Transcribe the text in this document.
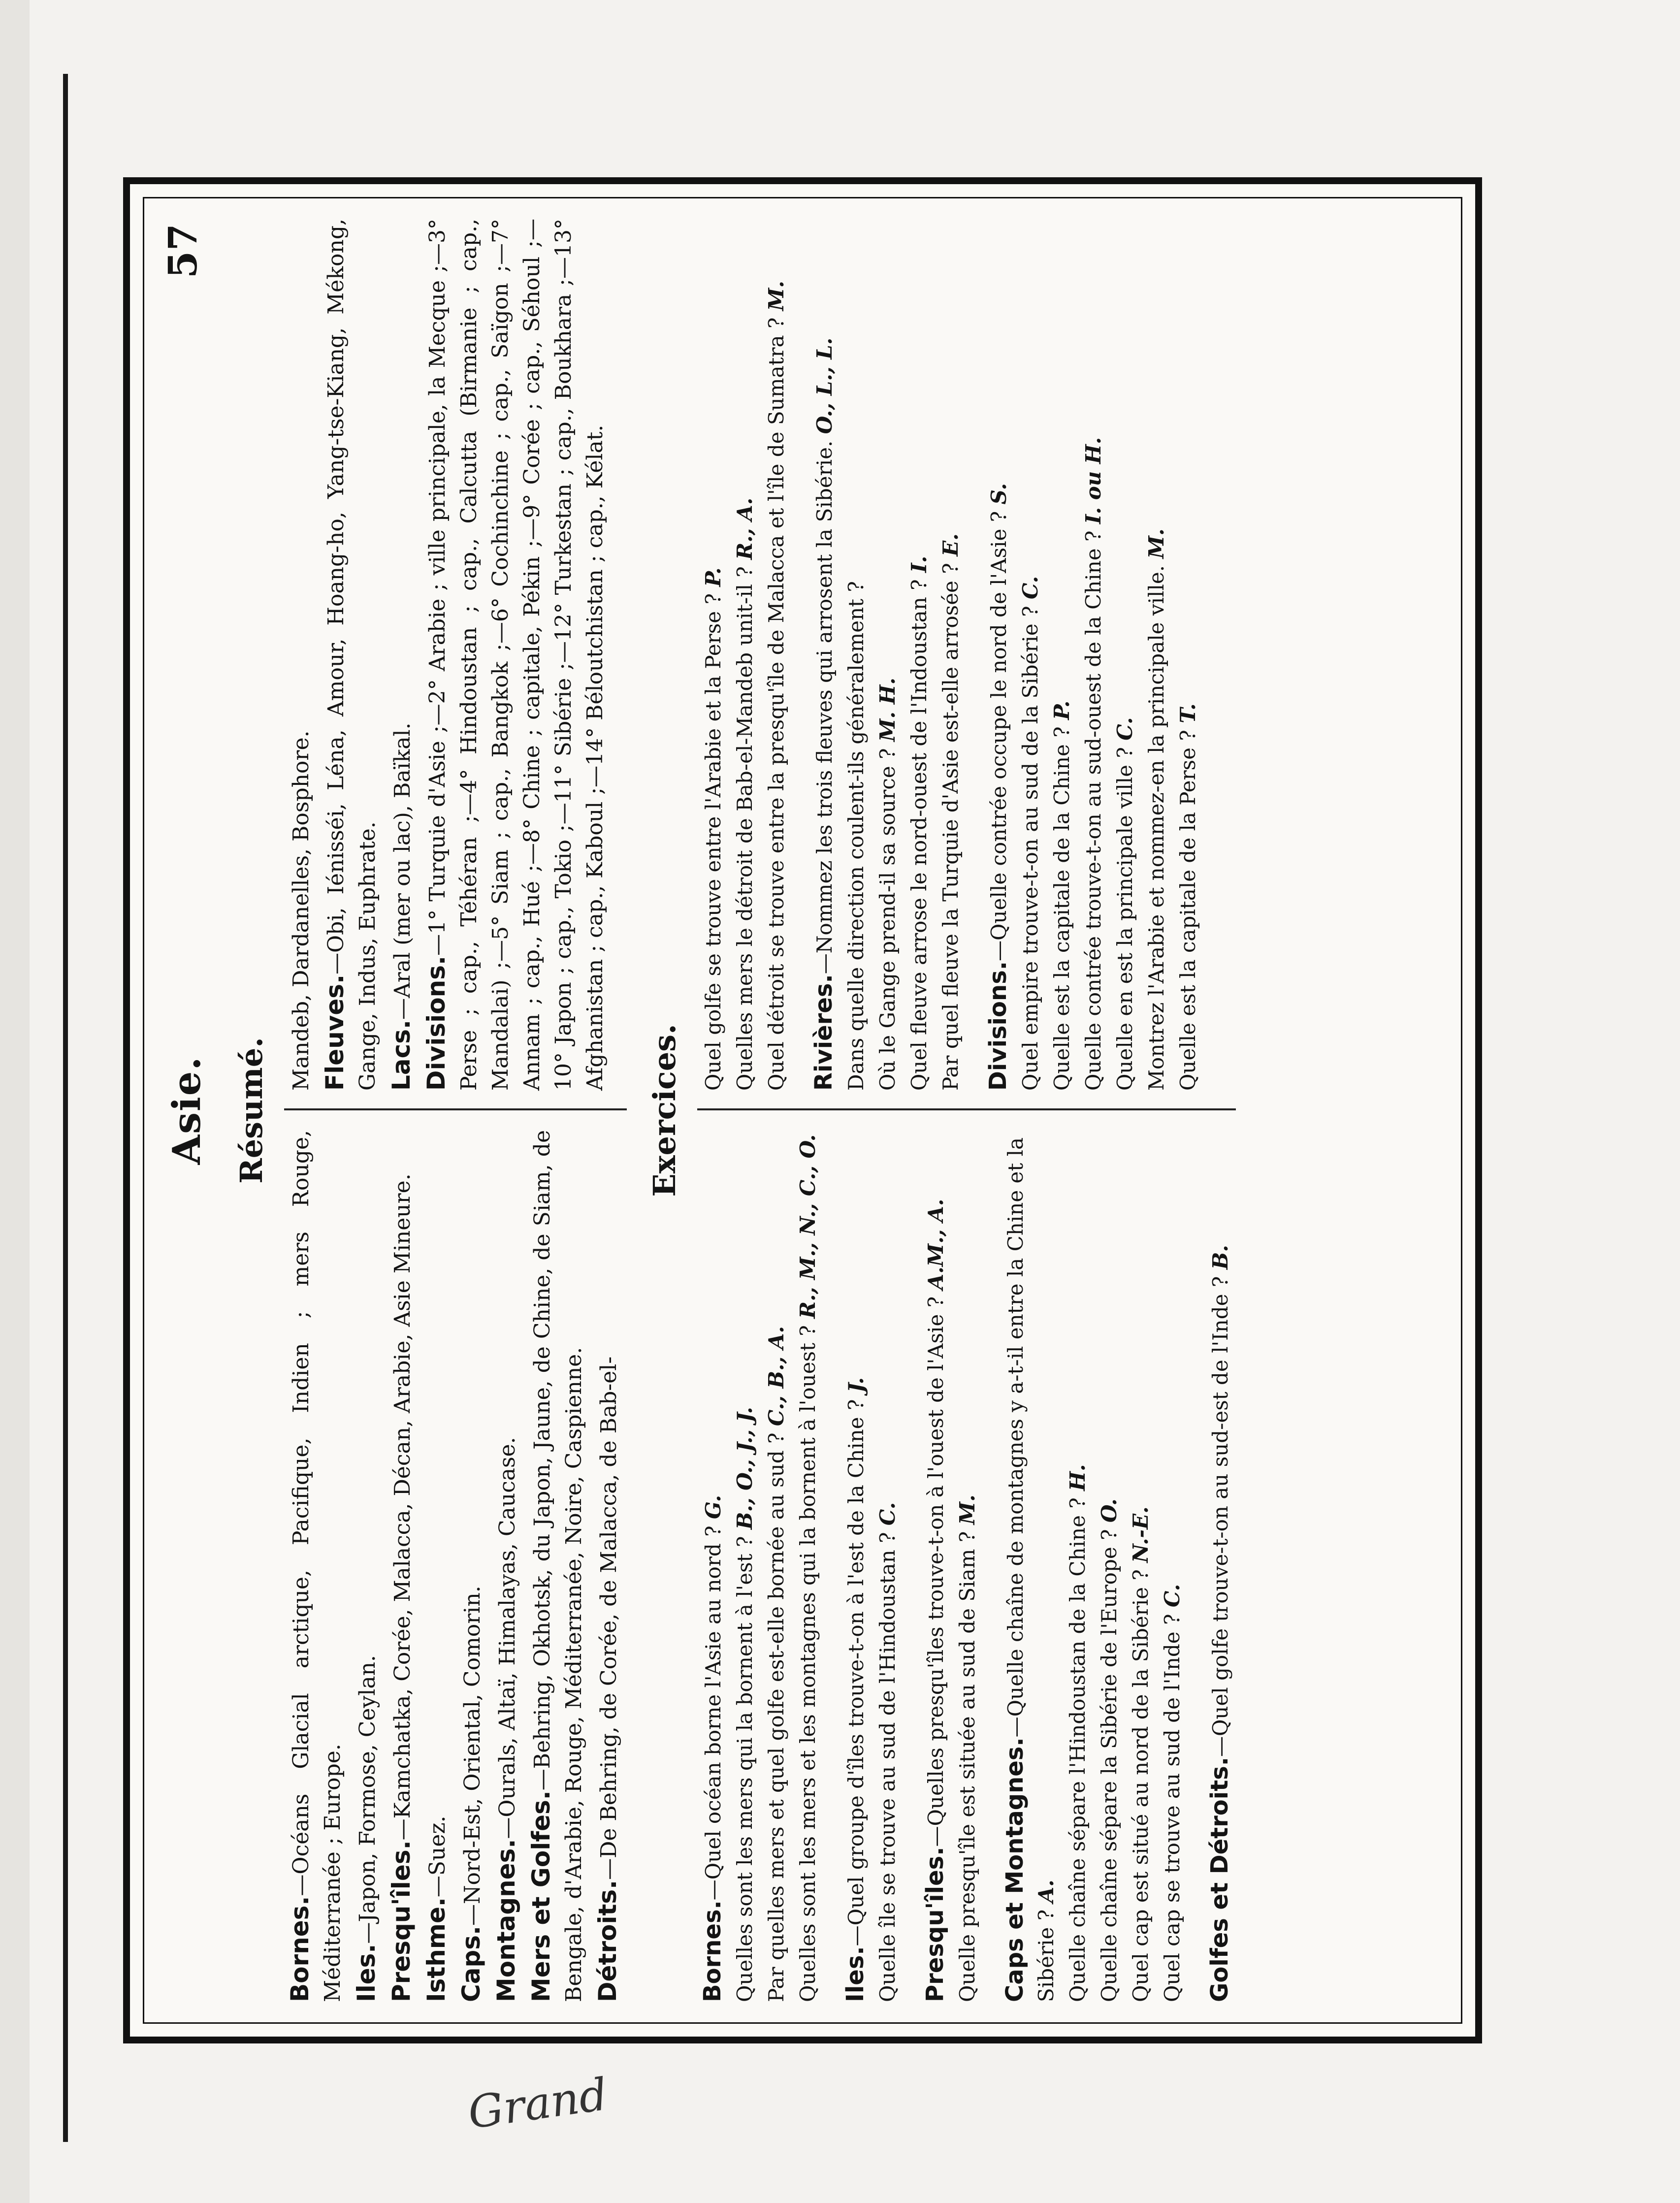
Grand
Asie.
57
Résumé.

Bornes.—Océans Glacial arctique, Pacifique, Indien ; mers Rouge, Méditerranée ; Europe. Iles.—Japon, Formose, Ceylan. Presqu'îles.—Kamchatka, Corée, Malacca, Décan, Arabie, Asie Mineure.

Isthme.—Suez.

Caps.—Nord-Est, Oriental, Comorin. Montagnes.—Ourals, Altaï, Himalayas, Caucase.

Mers et Golfes.—Behring, Okhotsk, du Japon, Jaune, de Chine, de Siam, de Bengale, d'Arabie, Rouge, Méditerranée, Noire, Caspienne. Détroits.—De Behring, de Corée, de Malacca, de Bab-el-

Mandeb, Dardanelles, Bosphore. Fleuves.—Obi, Iénisséi, Léna, Amour, Hoang-ho, Yang-tse-Kiang, Mékong, Gange, Indus, Euphrate. Lacs.—Aral (mer ou lac), Baïkal.

Divisions.—1° Turquie d'Asie ;—2° Arabie ; ville principale, la Mecque ;—3° Perse ; cap., Téhéran ;—4° Hindoustan ; cap., Calcutta (Birmanie ; cap., Mandalai) ;—5° Siam ; cap., Bangkok ;—6° Cochinchine ; cap., Saïgon ;—7° Annam ; cap., Hué ;—8° Chine ; capitale, Pékin ;—9° Corée ; cap., Séhoul ;—10° Japon ; cap., Tokio ;—11° Sibérie ;—12° Turkestan ; cap., Boukhara ;—13° Afghanistan ; cap., Kaboul ;—14° Béloutchistan ; cap., Kélat.

Exercices.

Bornes.—Quel océan borne l'Asie au nord ? G.

Quelles sont les mers qui la bornent à l'est ? B., O., J., J. Par quelles mers et quel golfe est-elle bornée au sud ? C., B., A. Quelles sont les mers et les montagnes qui la bornent à l'ouest ? R., M., N., C., O.

Iles.—Quel groupe d'îles trouve-t-on à l'est de la Chine ? J.

Quelle île se trouve au sud de l'Hindoustan ? C.

Presqu'îles.—Quelles presqu'îles trouve-t-on à l'ouest de l'Asie ? A.M., A.

Quelle presqu'île est située au sud de Siam ? M.

Caps et Montagnes.—Quelle chaîne de montagnes y a-t-il entre la Chine et la Sibérie ? A. Quelle chaîne sépare l'Hindoustan de la Chine ? H.

Quelle chaîne sépare la Sibérie de l'Europe ? O.

Quel cap est situé au nord de la Sibérie ? N.-E.

Quel cap se trouve au sud de l'Inde ? C.

Golfes et Détroits.—Quel golfe trouve-t-on au sud-est de l'Inde ? B.

Quel golfe se trouve entre l'Arabie et la Perse ? P. Quelles mers le détroit de Bab-el-Mandeb unit-il ? R., A. Quel détroit se trouve entre la presqu'île de Malacca et l'île de Sumatra ? M.

Rivières.—Nommez les trois fleuves qui arrosent la Sibérie. O., L., L.

Dans quelle direction coulent-ils généralement ? Où le Gange prend-il sa source ? M. H. Quel fleuve arrose le nord-ouest de l'Indoustan ? I. Par quel fleuve la Turquie d'Asie est-elle arrosée ? E.

Divisions.—Quelle contrée occupe le nord de l'Asie ? S.

Quel empire trouve-t-on au sud de la Sibérie ? C.

Quelle est la capitale de la Chine ? P. Quelle contrée trouve-t-on au sud-ouest de la Chine ? I. ou H.

Quelle en est la principale ville ? C. Montrez l'Arabie et nommez-en la principale ville. M.

Quelle est la capitale de la Perse ? T.
